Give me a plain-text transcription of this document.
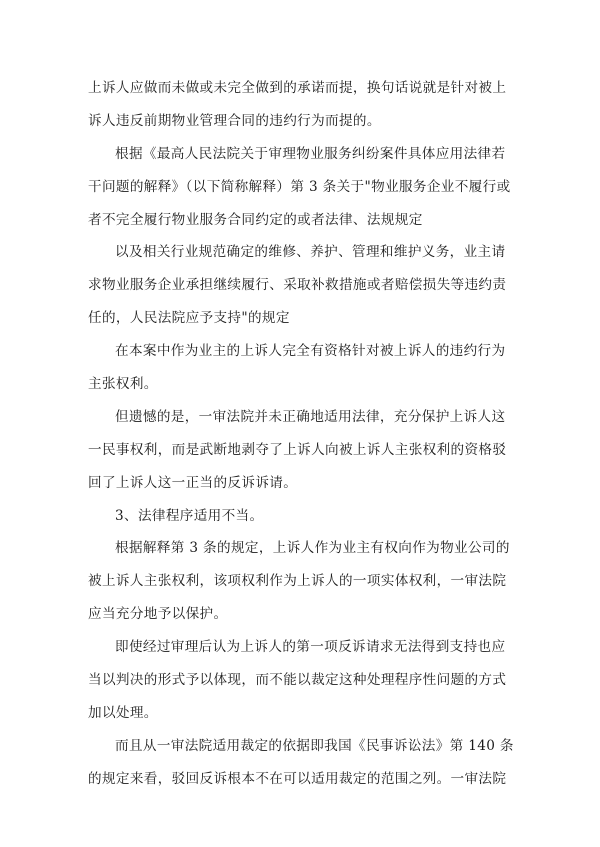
上诉人应做而未做或未完全做到的承诺而提，换句话说就是针对被上
诉人违反前期物业管理合同的违约行为而提的。
根据《最高人民法院关于审理物业服务纠纷案件具体应用法律若
干问题的解释》（以下简称解释）第 3 条关于"物业服务企业不履行或
者不完全履行物业服务合同约定的或者法律、法规规定
以及相关行业规范确定的维修、养护、管理和维护义务，业主请
求物业服务企业承担继续履行、采取补救措施或者赔偿损失等违约责
任的，人民法院应予支持"的规定
在本案中作为业主的上诉人完全有资格针对被上诉人的违约行为
主张权利。
但遗憾的是，一审法院并未正确地适用法律，充分保护上诉人这
一民事权利，而是武断地剥夺了上诉人向被上诉人主张权利的资格驳
回了上诉人这一正当的反诉诉请。
3、法律程序适用不当。
根据解释第 3 条的规定，上诉人作为业主有权向作为物业公司的
被上诉人主张权利，该项权利作为上诉人的一项实体权利，一审法院
应当充分地予以保护。
即使经过审理后认为上诉人的第一项反诉请求无法得到支持也应
当以判决的形式予以体现，而不能以裁定这种处理程序性问题的方式
加以处理。
而且从一审法院适用裁定的依据即我国《民事诉讼法》第 140 条
的规定来看，驳回反诉根本不在可以适用裁定的范围之列。一审法院
